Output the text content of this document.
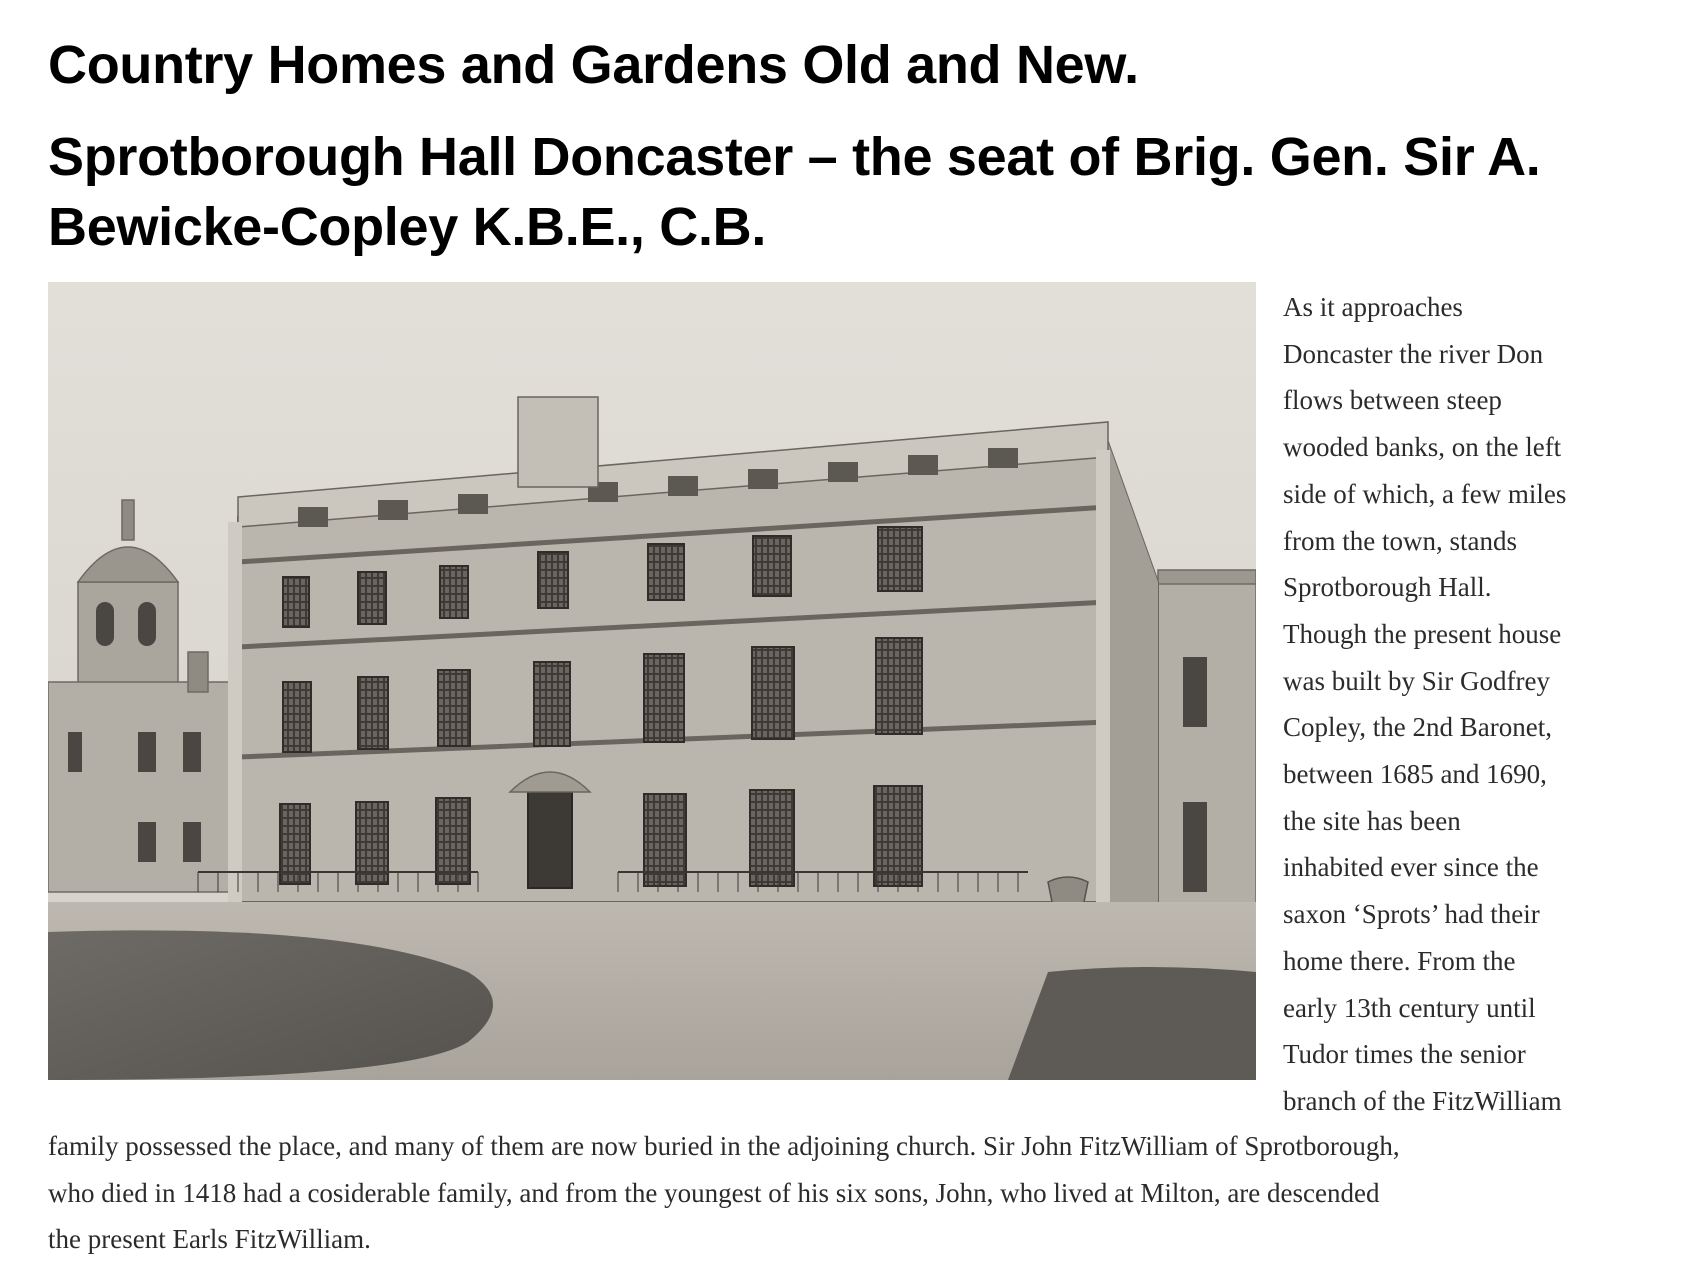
Country Homes and Gardens Old and New.
Sprotborough Hall Doncaster – the seat of Brig. Gen. Sir A. Bewicke-Copley K.B.E., C.B.

As it approaches
Doncaster the river Don
flows between steep
wooded banks, on the left
side of which, a few miles
from the town, stands
Sprotborough Hall.
Though the present house
was built by Sir Godfrey
Copley, the 2nd Baronet,
between 1685 and 1690,
the site has been
inhabited ever since the
saxon ‘Sprots’ had their
home there. From the
early 13th century until
Tudor times the senior
branch of the FitzWilliam

family possessed the place, and many of them are now buried in the adjoining church. Sir John FitzWilliam of Sprotborough,
who died in 1418 had a cosiderable family, and from the youngest of his six sons, John, who lived at Milton, are descended
the present Earls FitzWilliam.
